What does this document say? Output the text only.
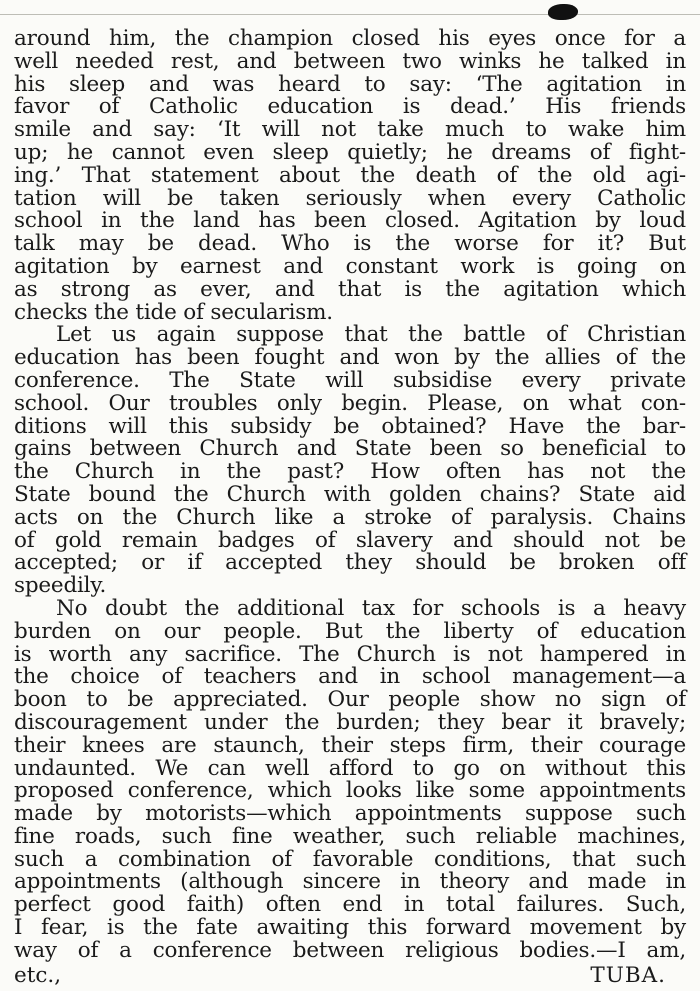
around him, the champion closed his eyes once for a
well needed rest, and between two winks he talked in
his sleep and was heard to say: ‘The agitation in
favor of Catholic education is dead.’ His friends
smile and say: ‘It will not take much to wake him
up; he cannot even sleep quietly; he dreams of fight-
ing.’ That statement about the death of the old agi-
tation will be taken seriously when every Catholic
school in the land has been closed. Agitation by loud
talk may be dead. Who is the worse for it? But
agitation by earnest and constant work is going on
as strong as ever, and that is the agitation which
checks the tide of secularism.
Let us again suppose that the battle of Christian
education has been fought and won by the allies of the
conference. The State will subsidise every private
school. Our troubles only begin. Please, on what con-
ditions will this subsidy be obtained? Have the bar-
gains between Church and State been so beneficial to
the Church in the past? How often has not the
State bound the Church with golden chains? State aid
acts on the Church like a stroke of paralysis. Chains
of gold remain badges of slavery and should not be
accepted; or if accepted they should be broken off
speedily.
No doubt the additional tax for schools is a heavy
burden on our people. But the liberty of education
is worth any sacrifice. The Church is not hampered in
the choice of teachers and in school management—a
boon to be appreciated. Our people show no sign of
discouragement under the burden; they bear it bravely;
their knees are staunch, their steps firm, their courage
undaunted. We can well afford to go on without this
proposed conference, which looks like some appointments
made by motorists—which appointments suppose such
fine roads, such fine weather, such reliable machines,
such a combination of favorable conditions, that such
appointments (although sincere in theory and made in
perfect good faith) often end in total failures. Such,
I fear, is the fate awaiting this forward movement by
way of a conference between religious bodies.—I am,
etc.,	TUBA.
